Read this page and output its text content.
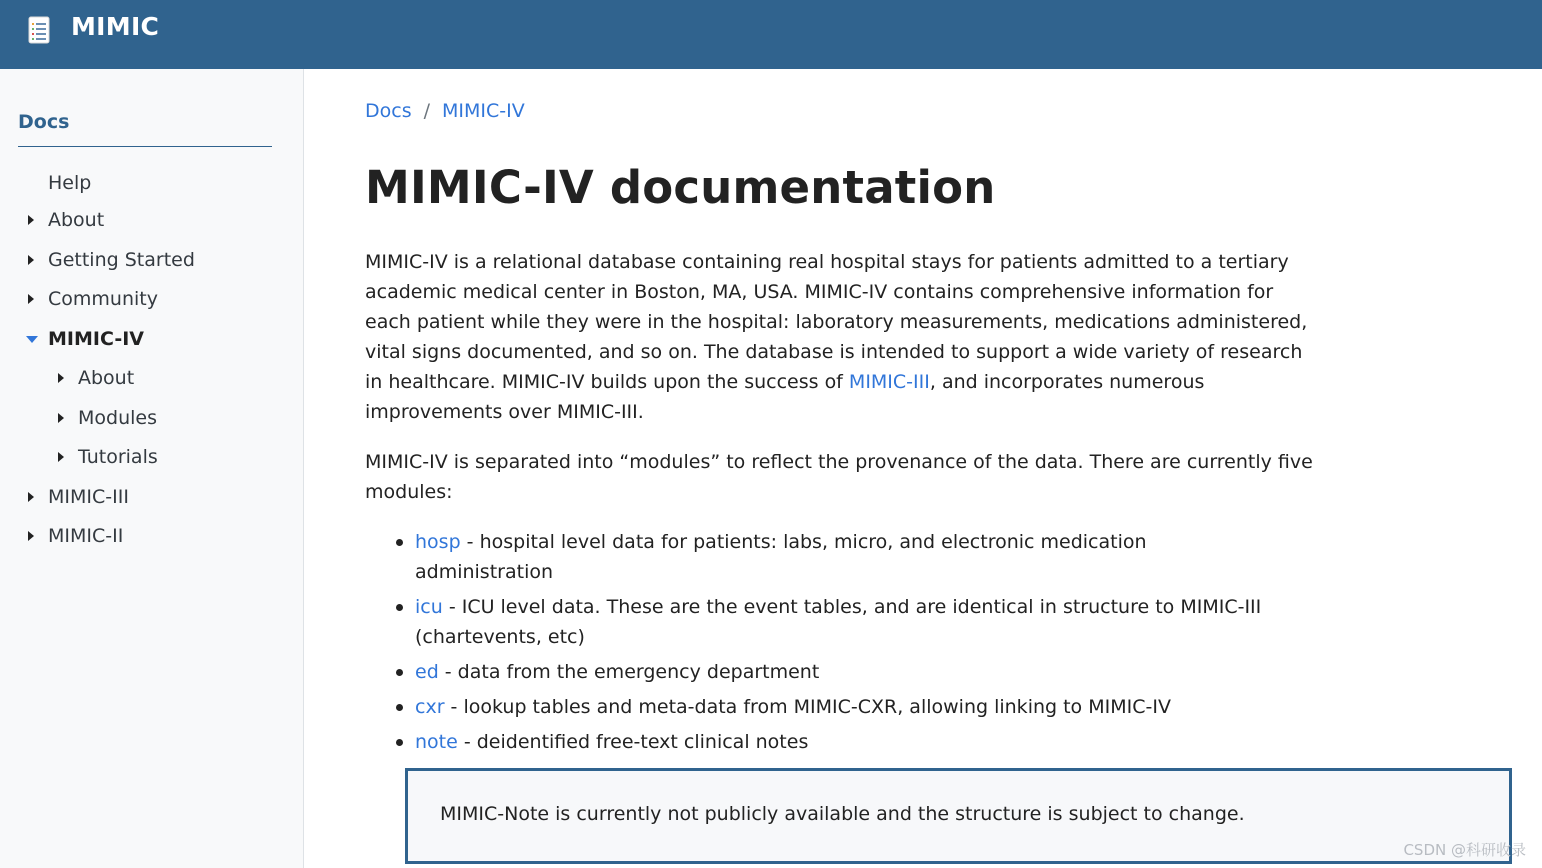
MIMIC
Docs
Help
About
Getting Started
Community
MIMIC-IV
About
Modules
Tutorials
MIMIC-III
MIMIC-II
Docs / MIMIC-IV
MIMIC-IV documentation

MIMIC-IV is a relational database containing real hospital stays for patients admitted to a tertiary academic medical center in Boston, MA, USA. MIMIC-IV contains comprehensive information for each patient while they were in the hospital: laboratory measurements, medications administered, vital signs documented, and so on. The database is intended to support a wide variety of research in healthcare. MIMIC-IV builds upon the success of MIMIC-III, and incorporates numerous improvements over MIMIC-III.

MIMIC-IV is separated into “modules” to reflect the provenance of the data. There are currently five modules:

hosp - hospital level data for patients: labs, micro, and electronic medication administration
icu - ICU level data. These are the event tables, and are identical in structure to MIMIC-III (chartevents, etc)
ed - data from the emergency department
cxr - lookup tables and meta-data from MIMIC-CXR, allowing linking to MIMIC-IV
note - deidentified free-text clinical notes
MIMIC-Note is currently not publicly available and the structure is subject to change.
CSDN @科研收录
